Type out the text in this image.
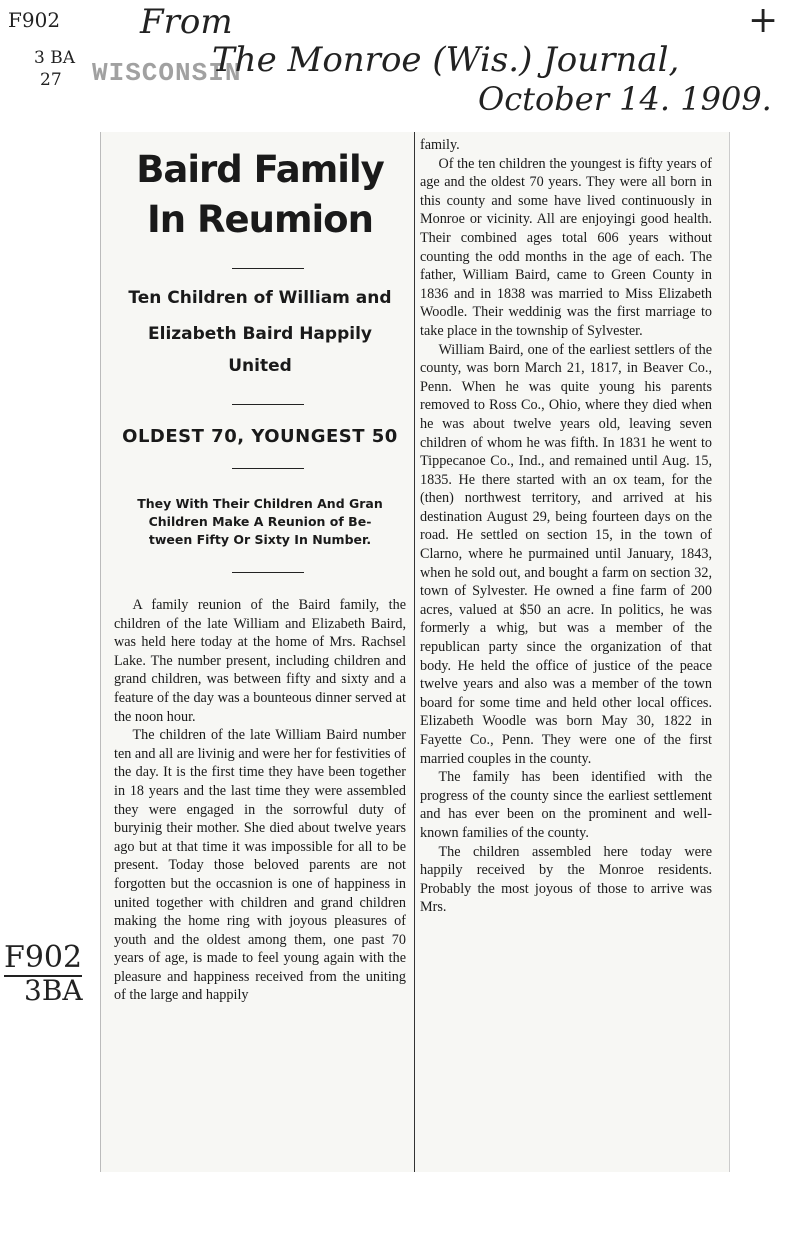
F902
3 BA
27 WISCONSIN
From
The Monroe (Wis.) Journal,
October 14. 1909.
+
F902
3BA
Baird Family
In Reumion
Ten Children of William and
Elizabeth Baird Happily
United
OLDEST 70, YOUNGEST 50
They With Their Children And Gran
Children Make A Reunion of Be-
tween Fifty Or Sixty In Number.

A family reunion of the Baird family, the children of the late William and Elizabeth Baird, was held here today at the home of Mrs. Rachsel Lake. The number present, including children and grand children, was between fifty and sixty and a feature of the day was a bounteous dinner served at the noon hour.

The children of the late William Baird number ten and all are livinig and were her for festivities of the day. It is the first time they have been together in 18 years and the last time they were assembled they were engaged in the sorrowful duty of buryinig their mother. She died about twelve years ago but at that time it was impossible for all to be present. Today those beloved parents are not forgotten but the occasnion is one of happiness in united together with children and grand children making the home ring with joyous pleasures of youth and the oldest among them, one past 70 years of age, is made to feel young again with the pleasure and happiness received from the uniting of the large and happily

family.

Of the ten children the youngest is fifty years of age and the oldest 70 years. They were all born in this county and some have lived continuously in Monroe or vicinity. All are enjoyingi good health. Their combined ages total 606 years without counting the odd months in the age of each. The father, William Baird, came to Green County in 1836 and in 1838 was married to Miss Elizabeth Woodle. Their weddinig was the first marriage to take place in the township of Sylvester.

William Baird, one of the earliest settlers of the county, was born March 21, 1817, in Beaver Co., Penn. When he was quite young his parents removed to Ross Co., Ohio, where they died when he was about twelve years old, leaving seven children of whom he was fifth. In 1831 he went to Tippecanoe Co., Ind., and remained until Aug. 15, 1835. He there started with an ox team, for the (then) northwest territory, and arrived at his destination August 29, being fourteen days on the road. He settled on section 15, in the town of Clarno, where he purmained until January, 1843, when he sold out, and bought a farm on section 32, town of Sylvester. He owned a fine farm of 200 acres, valued at $50 an acre. In politics, he was formerly a whig, but was a member of the republican party since the organization of that body. He held the office of justice of the peace twelve years and also was a member of the town board for some time and held other local offices. Elizabeth Woodle was born May 30, 1822 in Fayette Co., Penn. They were one of the first married couples in the county.

The family has been identified with the progress of the county since the earliest settlement and has ever been on the prominent and well-known families of the county.

The children assembled here today were happily received by the Monroe residents. Probably the most joyous of those to arrive was Mrs.
